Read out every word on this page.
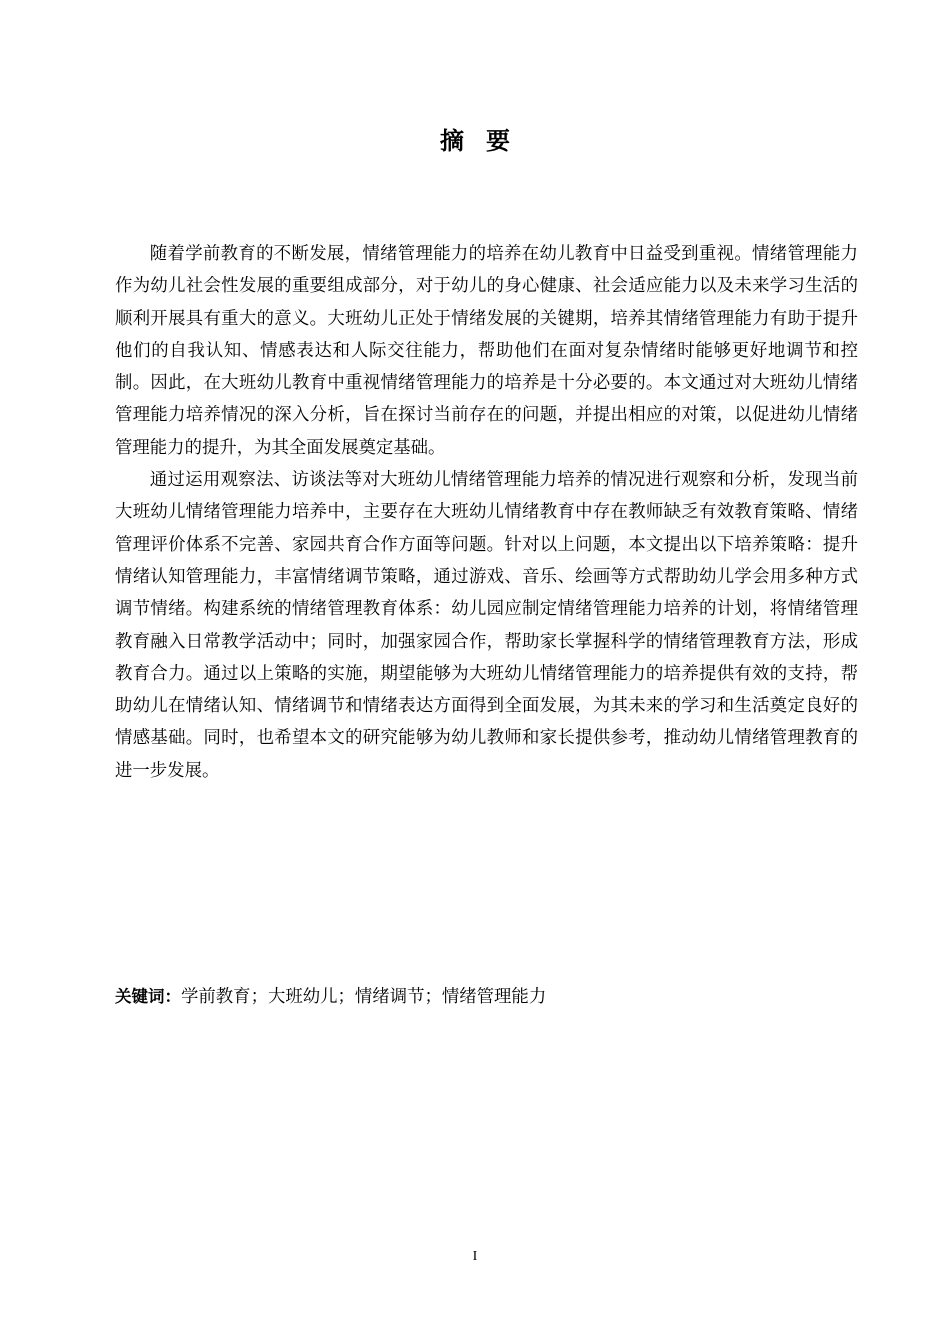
摘要

随着学前教育的不断发展，情绪管理能力的培养在幼儿教育中日益受到重视。情绪管理能力作为幼儿社会性发展的重要组成部分，对于幼儿的身心健康、社会适应能力以及未来学习生活的顺利开展具有重大的意义。大班幼儿正处于情绪发展的关键期，培养其情绪管理能力有助于提升他们的自我认知、情感表达和人际交往能力，帮助他们在面对复杂情绪时能够更好地调节和控制。因此，在大班幼儿教育中重视情绪管理能力的培养是十分必要的。本文通过对大班幼儿情绪管理能力培养情况的深入分析，旨在探讨当前存在的问题，并提出相应的对策，以促进幼儿情绪管理能力的提升，为其全面发展奠定基础。

通过运用观察法、访谈法等对大班幼儿情绪管理能力培养的情况进行观察和分析，发现当前大班幼儿情绪管理能力培养中，主要存在大班幼儿情绪教育中存在教师缺乏有效教育策略、情绪管理评价体系不完善、家园共育合作方面等问题。针对以上问题，本文提出以下培养策略：提升情绪认知管理能力，丰富情绪调节策略，通过游戏、音乐、绘画等方式帮助幼儿学会用多种方式调节情绪。构建系统的情绪管理教育体系：幼儿园应制定情绪管理能力培养的计划，将情绪管理教育融入日常教学活动中；同时，加强家园合作，帮助家长掌握科学的情绪管理教育方法，形成教育合力。通过以上策略的实施，期望能够为大班幼儿情绪管理能力的培养提供有效的支持，帮助幼儿在情绪认知、情绪调节和情绪表达方面得到全面发展，为其未来的学习和生活奠定良好的情感基础。同时，也希望本文的研究能够为幼儿教师和家长提供参考，推动幼儿情绪管理教育的进一步发展。

关键词：学前教育；大班幼儿；情绪调节；情绪管理能力
I
